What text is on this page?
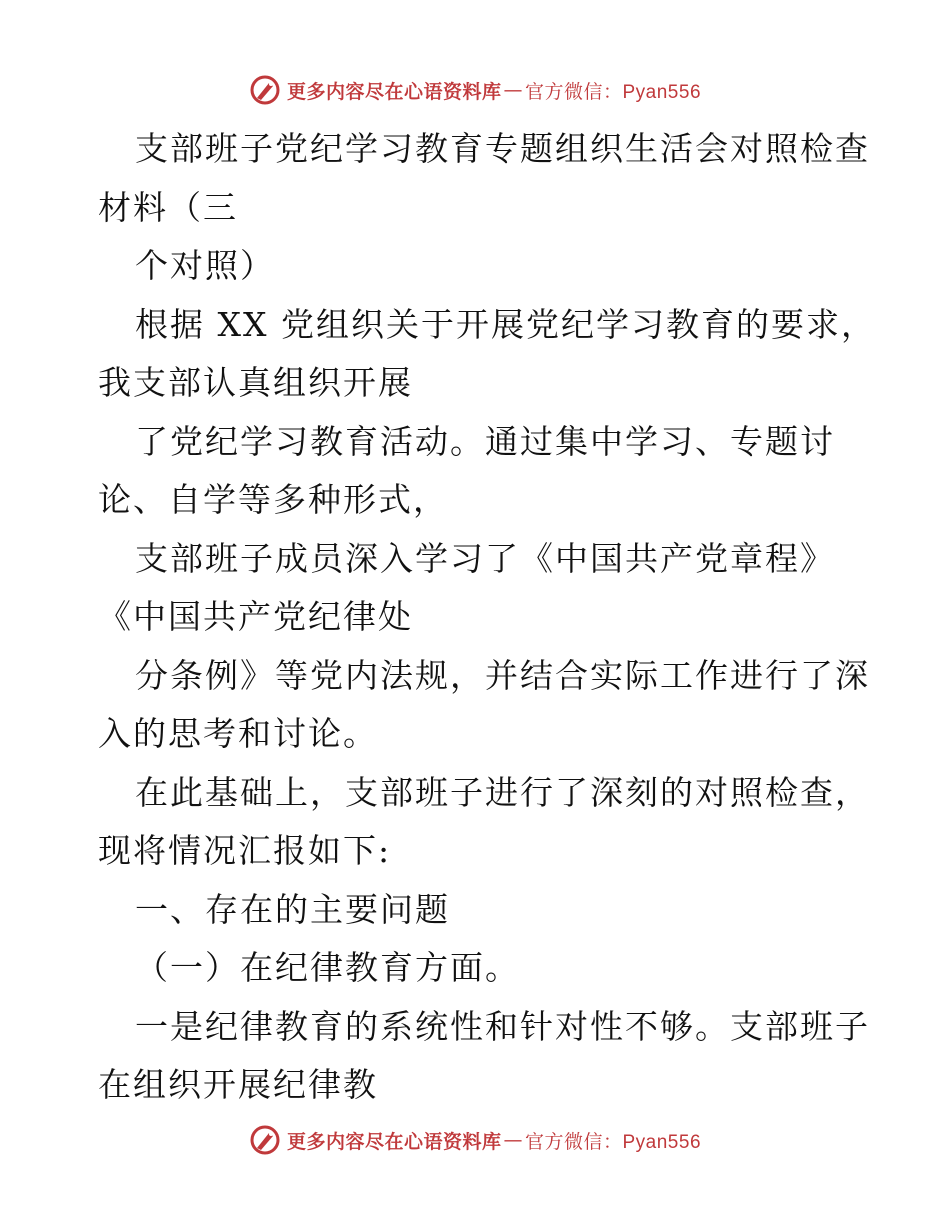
更多内容尽在心语资料库 — 官方微信：Pyan556
支部班子党纪学习教育专题组织生活会对照检查
材料（三
个对照）
根据 XX 党组织关于开展党纪学习教育的要求，
我支部认真组织开展
了党纪学习教育活动。通过集中学习、专题讨
论、自学等多种形式，
支部班子成员深入学习了《中国共产党章程》
《中国共产党纪律处
分条例》等党内法规，并结合实际工作进行了深
入的思考和讨论。
在此基础上，支部班子进行了深刻的对照检查，
现将情况汇报如下:
一、存在的主要问题
（一）在纪律教育方面。
一是纪律教育的系统性和针对性不够。支部班子
在组织开展纪律教
更多内容尽在心语资料库 — 官方微信：Pyan556
